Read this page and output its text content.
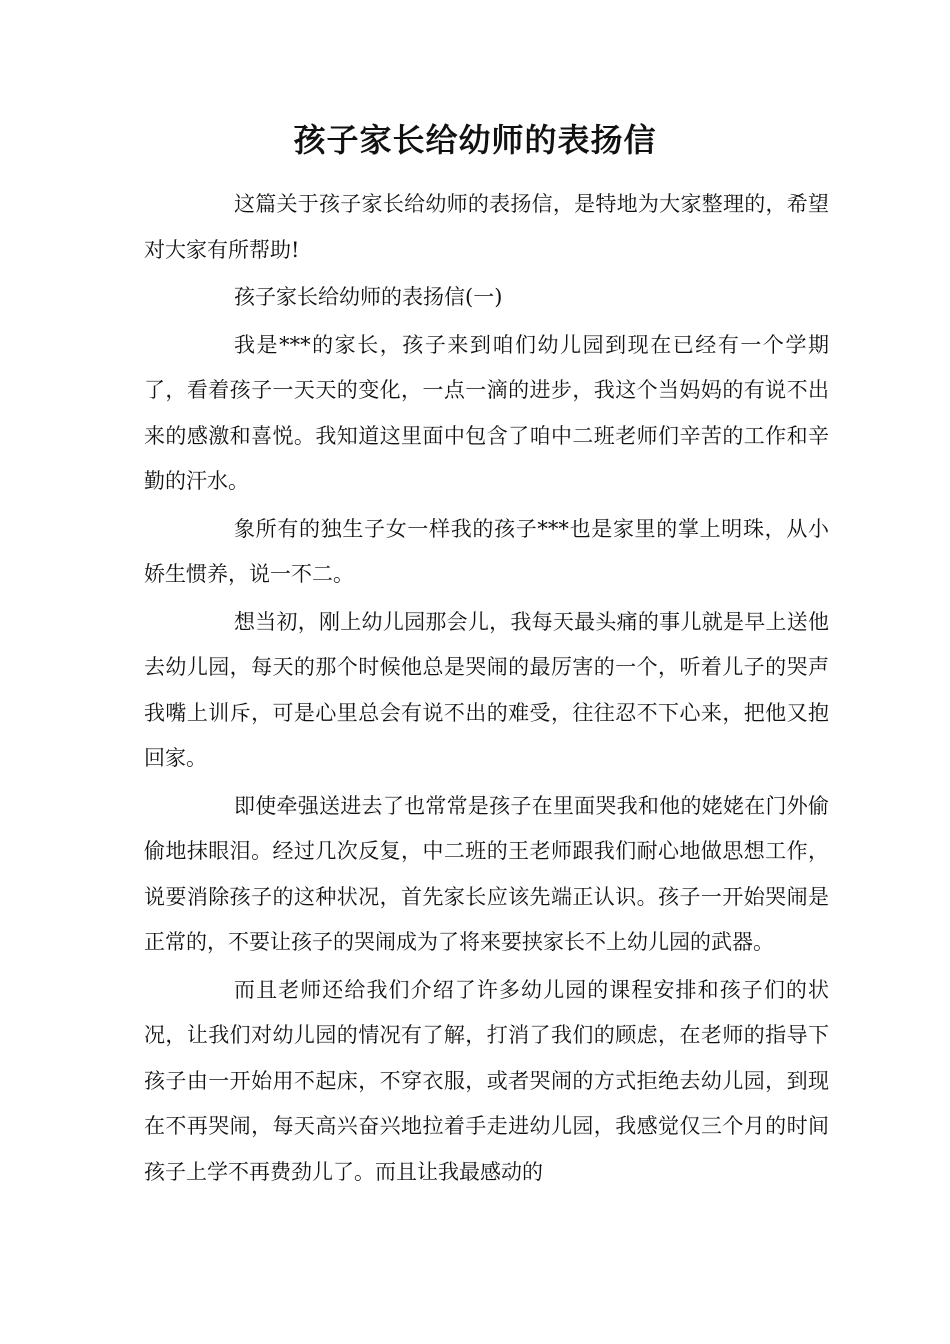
孩子家长给幼师的表扬信

这篇关于孩子家长给幼师的表扬信，是特地为大家整理的，希望对大家有所帮助!

孩子家长给幼师的表扬信(一)

我是***的家长，孩子来到咱们幼儿园到现在已经有一个学期了，看着孩子一天天的变化，一点一滴的进步，我这个当妈妈的有说不出来的感激和喜悦。我知道这里面中包含了咱中二班老师们辛苦的工作和辛勤的汗水。

象所有的独生子女一样我的孩子***也是家里的掌上明珠，从小娇生惯养，说一不二。

想当初，刚上幼儿园那会儿，我每天最头痛的事儿就是早上送他去幼儿园，每天的那个时候他总是哭闹的最厉害的一个，听着儿子的哭声我嘴上训斥，可是心里总会有说不出的难受，往往忍不下心来，把他又抱回家。

即使牵强送进去了也常常是孩子在里面哭我和他的姥姥在门外偷偷地抹眼泪。经过几次反复，中二班的王老师跟我们耐心地做思想工作，说要消除孩子的这种状况，首先家长应该先端正认识。孩子一开始哭闹是正常的，不要让孩子的哭闹成为了将来要挟家长不上幼儿园的武器。

而且老师还给我们介绍了许多幼儿园的课程安排和孩子们的状况，让我们对幼儿园的情况有了解，打消了我们的顾虑，在老师的指导下孩子由一开始用不起床，不穿衣服，或者哭闹的方式拒绝去幼儿园，到现在不再哭闹，每天高兴奋兴地拉着手走进幼儿园，我感觉仅三个月的时间孩子上学不再费劲儿了。而且让我最感动的
